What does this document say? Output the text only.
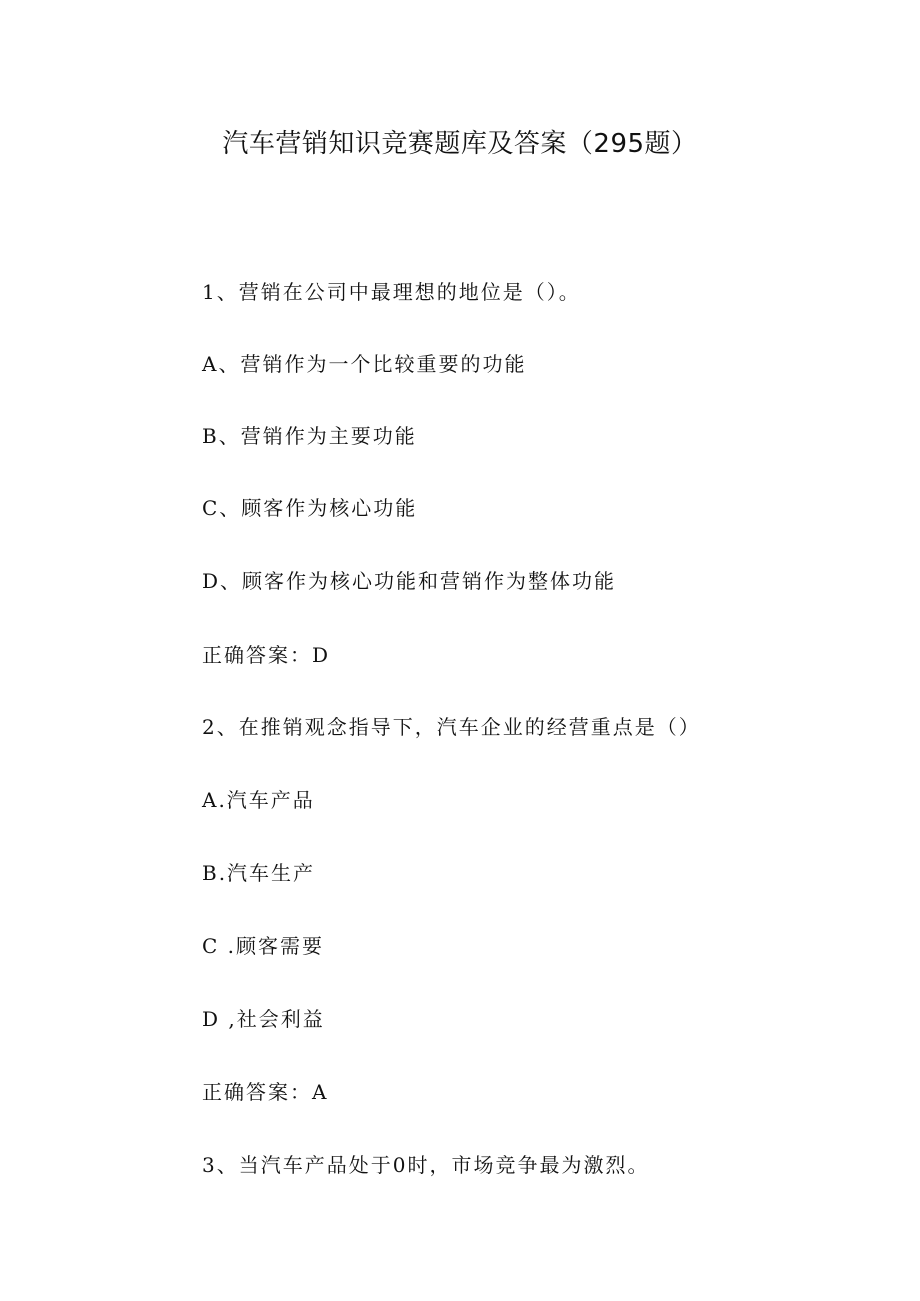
汽车营销知识竞赛题库及答案（295题）

1、营销在公司中最理想的地位是（）。

A、营销作为一个比较重要的功能

B、营销作为主要功能

C、顾客作为核心功能

D、顾客作为核心功能和营销作为整体功能

正确答案：D

2、在推销观念指导下，汽车企业的经营重点是（）

A.汽车产品

B.汽车生产

C .顾客需要

D ,社会利益

正确答案：A

3、当汽车产品处于0时，市场竞争最为激烈。
